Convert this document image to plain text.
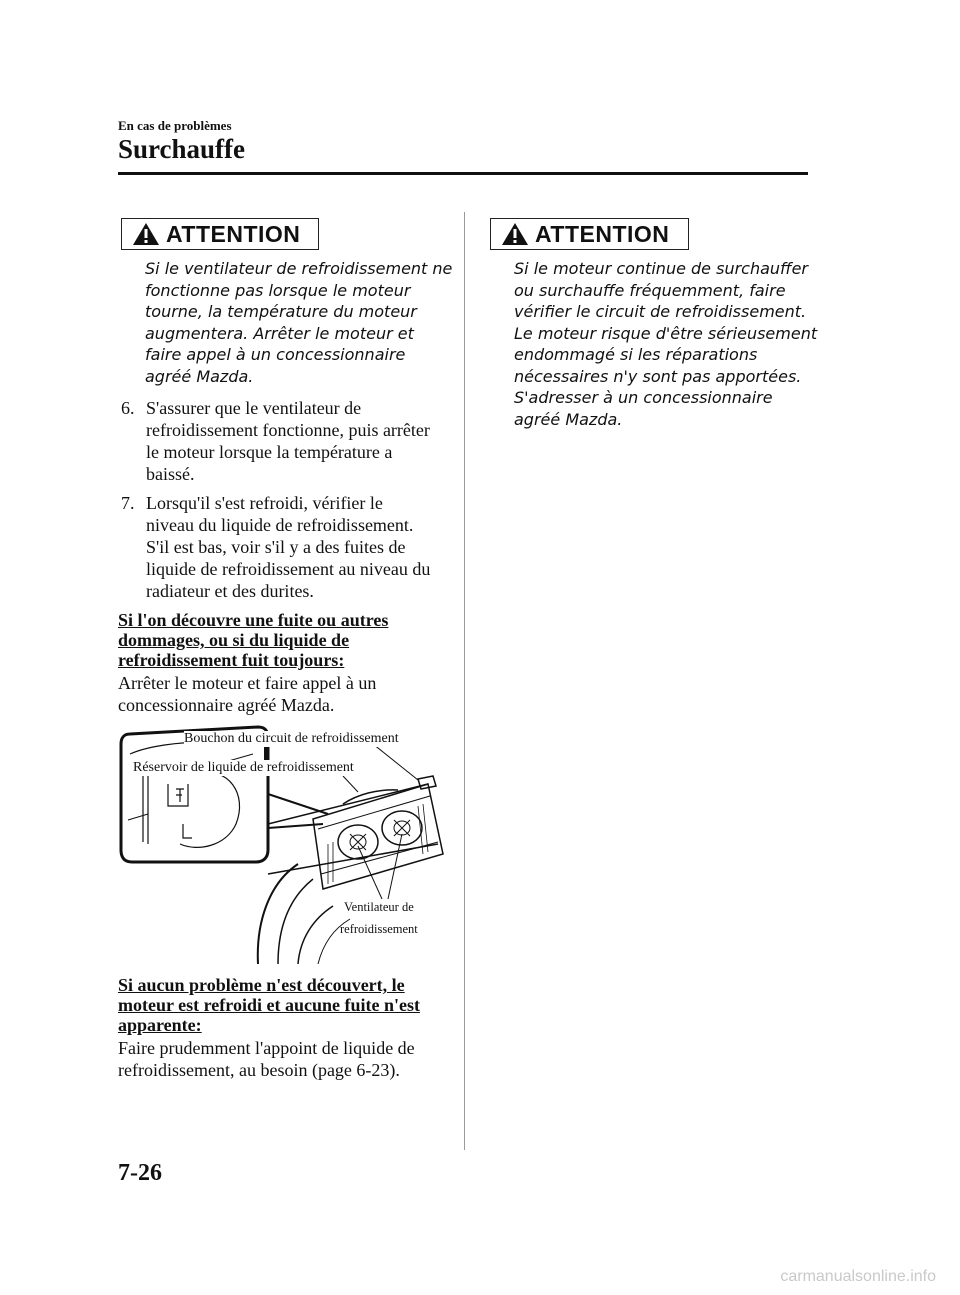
En cas de problèmes
Surchauffe
ATTENTION
Si le ventilateur de refroidissement ne
fonctionne pas lorsque le moteur
tourne, la température du moteur
augmentera. Arrêter le moteur et
faire appel à un concessionnaire
agréé Mazda.
6. S'assurer que le ventilateur de
refroidissement fonctionne, puis arrêter
le moteur lorsque la température a
baissé.
7. Lorsqu'il s'est refroidi, vérifier le
niveau du liquide de refroidissement.
S'il est bas, voir s'il y a des fuites de
liquide de refroidissement au niveau du
radiateur et des durites.
Si l'on découvre une fuite ou autres
dommages, ou si du liquide de
refroidissement fuit toujours:
Arrêter le moteur et faire appel à un
concessionnaire agréé Mazda.
Bouchon du circuit de refroidissement
Réservoir de liquide de refroidissement
Ventilateur de
refroidissement
Si aucun problème n'est découvert, le
moteur est refroidi et aucune fuite n'est
apparente:
Faire prudemment l'appoint de liquide de
refroidissement, au besoin (page 6-23).
ATTENTION
Si le moteur continue de surchauffer
ou surchauffe fréquemment, faire
vérifier le circuit de refroidissement.
Le moteur risque d'être sérieusement
endommagé si les réparations
nécessaires n'y sont pas apportées.
S'adresser à un concessionnaire
agréé Mazda.
7-26
carmanualsonline.info
